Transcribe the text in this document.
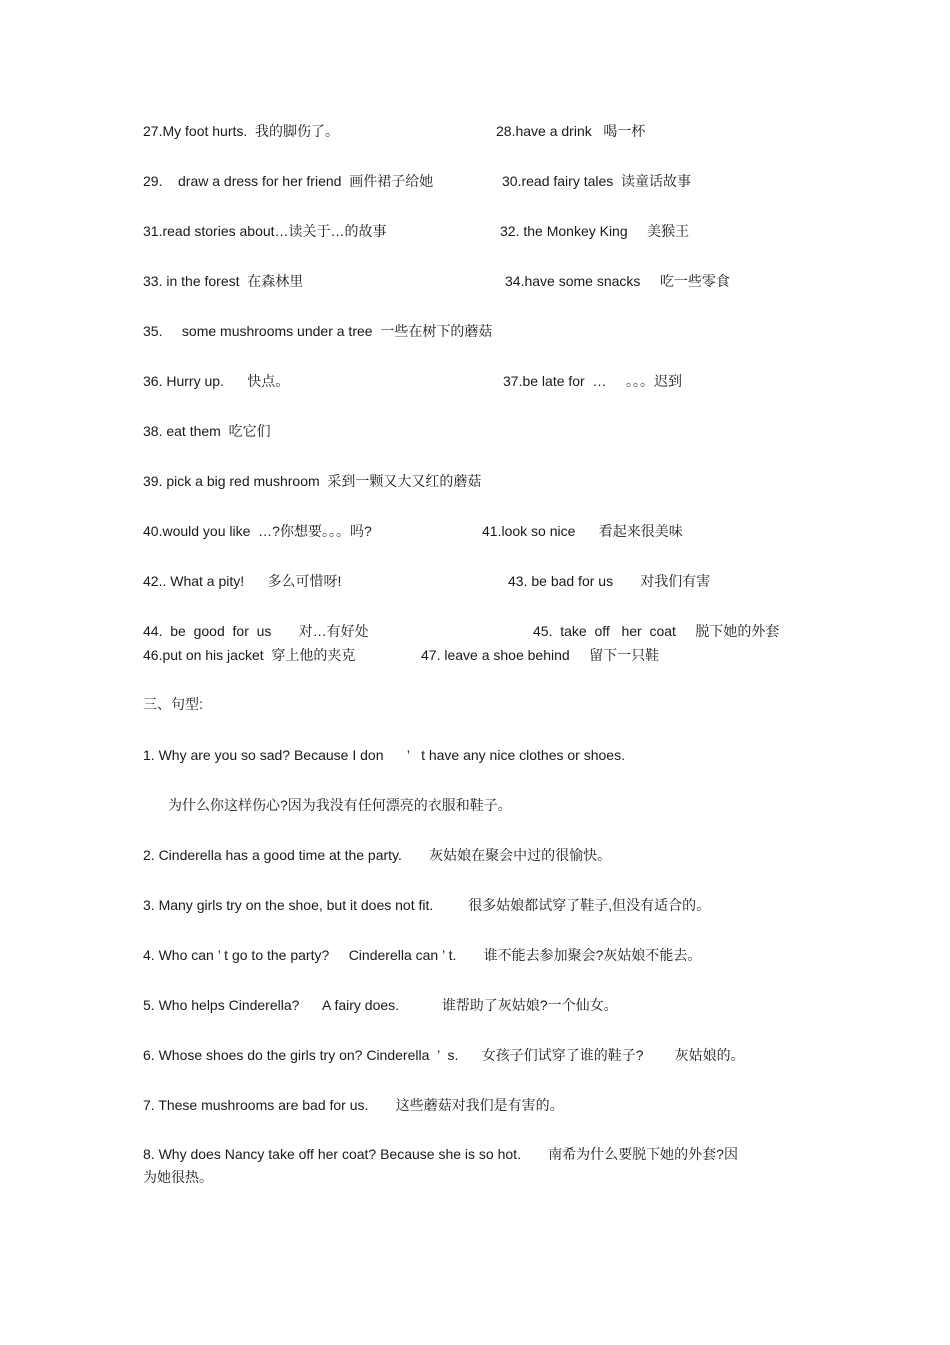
27.My foot hurts.  我的脚伤了。	28.have a drink   喝一杯
29.    draw a dress for her friend  画件裙子给她	30.read fairy tales  读童话故事
31.read stories about…读关于…的故事	32. the Monkey King     美猴王
33. in the forest  在森林里	34.have some snacks     吃一些零食
35.     some mushrooms under a tree  一些在树下的蘑菇
36. Hurry up.      快点。	37.be late for  …     。。。迟到
38. eat them  吃它们
39. pick a big red mushroom  采到一颗又大又红的蘑菇
40.would you like  …?你想要。。。吗?	41.look so nice      看起来很美味
42.. What a pity!      多么可惜呀!	43. be bad for us       对我们有害
44.  be  good  for  us       对…有好处	45.  take  off   her  coat     脱下她的外套
46.put on his jacket  穿上他的夹克	47. leave a shoe behind     留下一只鞋
三、句型:
1. Why are you so sad? Because I don      ’   t have any nice clothes or shoes.
为什么你这样伤心?因为我没有任何漂亮的衣服和鞋子。
2. Cinderella has a good time at the party.       灰姑娘在聚会中过的很愉快。
3. Many girls try on the shoe, but it does not fit.         很多姑娘都试穿了鞋子,但没有适合的。
4. Who can ’ t go to the party?     Cinderella can ’ t.       谁不能去参加聚会?灰姑娘不能去。
5. Who helps Cinderella?      A fairy does.           谁帮助了灰姑娘?一个仙女。
6. Whose shoes do the girls try on? Cinderella  ’  s.      女孩子们试穿了谁的鞋子?        灰姑娘的。
7. These mushrooms are bad for us.       这些蘑菇对我们是有害的。
8. Why does Nancy take off her coat? Because she is so hot.       南希为什么要脱下她的外套?因
为她很热。
